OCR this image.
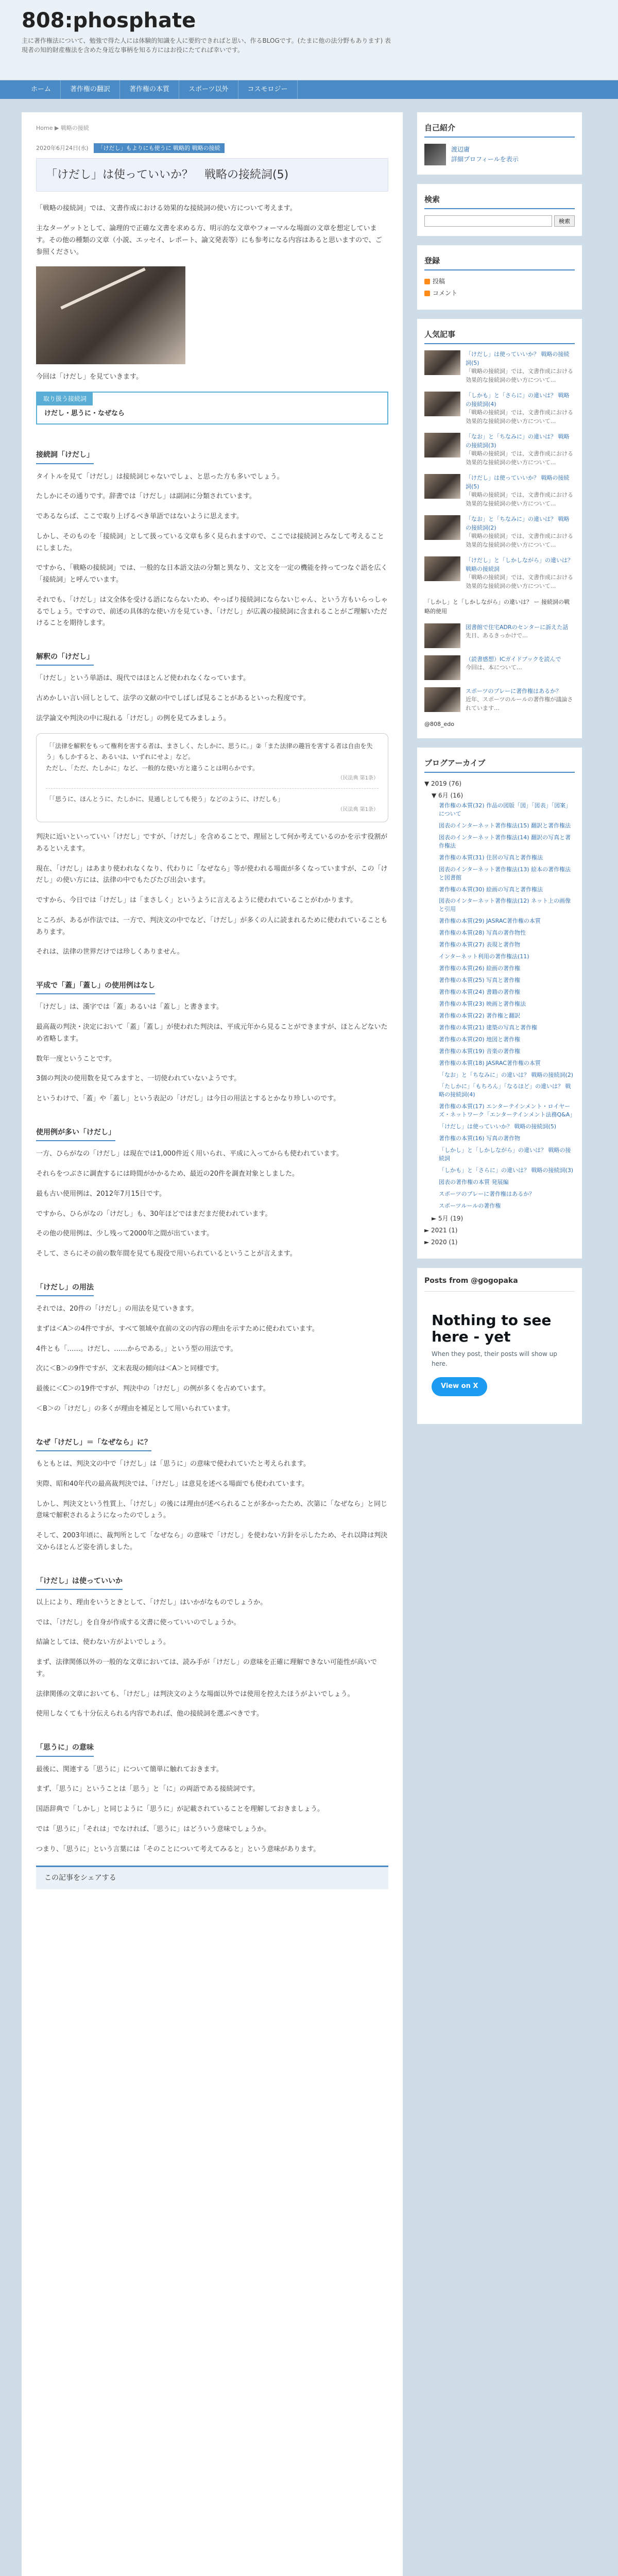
808:phosphate
主に著作権法について、勉強で得た人には体験的知識を人に要約できればと思い、作るBLOGです。(たまに他の法分野もあります) 表現者の知的財産権法を含めた身近な事柄を知る方にはお役にたてれば幸いです。
ホーム	著作権の翻訳	著作権の本質	スポーツ以外	コスモロジー
Home ▶ 戦略の接続
2020年6月24日(水)	「けだし」もよりにも使うに 戦略的 戦略の接続
「けだし」は使っていいか？　戦略の接続詞(5)

「戦略の接続詞」では、文書作成における効果的な接続詞の使い方について考えます。

主なターゲットとして、論理的で正確な文書を求める方、明示的な文章やフォーマルな場面の文章を想定しています。その他の種類の文章（小説、エッセイ、レポート、論文発表等）にも参考になる内容はあると思いますので、ご参照ください。

今回は「けだし」を見ていきます。

取り扱う接続詞
けだし・思うに・なぜなら
接続詞「けだし」

タイトルを見て「けだし」は接続詞じゃないでしょ、と思った方も多いでしょう。

たしかにその通りです。辞書では「けだし」は副詞に分類されています。

であるならば、ここで取り上げるべき単語ではないように思えます。

しかし、そのものを「接続詞」として扱っている文章も多く見られますので、ここでは接続詞とみなして考えることにしました。

ですから、「戦略の接続詞」では、一般的な日本語文法の分類と異なり、文と文を一定の機能を持ってつなぐ語を広く「接続詞」と呼んでいます。

それでも、「けだし」は文全体を受ける語にならないため、やっぱり接続詞にならないじゃん、という方もいらっしゃるでしょう。ですので、前述の具体的な使い方を見ていき、「けだし」が広義の接続詞に含まれることがご理解いただけることを期待します。

解釈の「けだし」

「けだし」という単語は、現代ではほとんど使われなくなっています。

古めかしい言い回しとして、法学の文献の中でしばしば見ることがあるといった程度です。

法学論文や判決の中に現れる「けだし」の例を見てみましょう。

「「法律を解釈をもって権利を害する者は、まさしく、たしかに、思うに。」②「また法律の趣旨を害する者は自由を失う」もしかすると、あるいは、いずれにせよ」など。
ただし、「ただ、たしかに」など、一般的な使い方と違うことは明らかです。
（民法典 第1条）
「「思うに、ほんとうに、たしかに、見通しとしても使う」などのように、けだしも」
（民法典 第1条）

判決に近いといっていい「けだし」ですが、「けだし」を含めることで、理屈として何か考えているのかを示す役割があるといえます。

現在、「けだし」はあまり使われなくなり、代わりに「なぜなら」等が使われる場面が多くなっていますが、この「けだし」の使い方には、法律の中でもたびたび出会います。

ですから、今日では「けだし」は「まさしく」というように言えるように使われていることがわかります。

ところが、あるが作法では、一方で、判決文の中でなど、「けだし」が多くの人に読まれるために使われていることもあります。

それは、法律の世界だけでは珍しくありません。

平成で「蓋」「蓋し」の使用例はなし

「けだし」は、漢字では「蓋」あるいは「蓋し」と書きます。

最高裁の判決・決定において「蓋」「蓋し」が使われた判決は、平成元年から見ることができますが、ほとんどないため省略します。

数年一度ということです。

3個の判決の使用数を見てみますと、一切使われていないようです。

というわけで、「蓋」や「蓋し」という表記の「けだし」は今日の用法とするとかなり珍しいのです。

使用例が多い「けだし」

一方、ひらがなの「けだし」は現在では1,000件近く用いられ、平成に入ってからも使われています。

それらをつぶさに調査するには時間がかかるため、最近の20件を調査対象としました。

最も古い使用例は、2012年7月15日です。

ですから、ひらがなの「けだし」も、30年ほどではまだまだ使われています。

その他の使用例は、少し残って2000年之間が出ています。

そして、さらにその前の数年間を見ても現役で用いられているということが言えます。

「けだし」の用法

それでは、20件の「けだし」の用法を見ていきます。

まずは＜A＞の4件ですが、すべて領域や直前の文の内容の理由を示すために使われています。

4件とも「……。けだし、……からである。」という型の用法です。

次に＜B＞の9件ですが、文末表現の傾向は＜A＞と同様です。

最後に＜C＞の19件ですが、判決中の「けだし」の例が多くを占めています。

＜B＞の「けだし」の多くが理由を補足として用いられています。

なぜ「けだし」＝「なぜなら」に？

もともとは、判決文の中で「けだし」は「思うに」の意味で使われていたと考えられます。

実際、昭和40年代の最高裁判決では、「けだし」は意見を述べる場面でも使われています。

しかし、判決文という性質上、「けだし」の後には理由が述べられることが多かったため、次第に「なぜなら」と同じ意味で解釈されるようになったのでしょう。

そして、2003年頃に、裁判所として「なぜなら」の意味で「けだし」を使わない方針を示したため、それ以降は判決文からほとんど姿を消しました。

「けだし」は使っていいか

以上により、理由をいうときとして、「けだし」はいかがなものでしょうか。

では、「けだし」を自身が作成する文書に使っていいのでしょうか。

結論としては、使わない方がよいでしょう。

まず、法律関係以外の一般的な文章においては、読み手が「けだし」の意味を正確に理解できない可能性が高いです。

法律関係の文章においても、「けだし」は判決文のような場面以外では使用を控えたほうがよいでしょう。

使用しなくても十分伝えられる内容であれば、他の接続詞を選ぶべきです。

「思うに」の意味

最後に、関連する「思うに」について簡単に触れておきます。

まず、「思うに」ということは「思う」と「に」の両語である接続詞です。

国語辞典で「しかし」と同じように「思うに」が記載されていることを理解しておきましょう。

では「思うに」「それは」でなければ、「思うに」はどういう意味でしょうか。

つまり、「思うに」という言葉には「そのことについて考えてみると」という意味があります。

この記事をシェアする
自己紹介
渡辺庸
詳細プロフィールを表示
検索
検索
登録
投稿
コメント
人気記事
「けだし」は使っていいか？ 戦略の接続詞(5)
「戦略の接続詞」では、文書作成における効果的な接続詞の使い方について...
「しかも」と「さらに」の違いは？ 戦略の接続詞(4)
「戦略の接続詞」では、文書作成における効果的な接続詞の使い方について...
「なお」と「ちなみに」の違いは？ 戦略の接続詞(3)
「戦略の接続詞」では、文書作成における効果的な接続詞の使い方について...
「けだし」は使っていいか？ 戦略の接続詞(5)
「戦略の接続詞」では、文書作成における効果的な接続詞の使い方について...
「なお」と「ちなみに」の違いは？ 戦略の接続詞(2)
「戦略の接続詞」では、文書作成における効果的な接続詞の使い方について...
「けだし」と「しかしながら」の違いは？ 戦略の接続詞
「戦略の接続詞」では、文書作成における効果的な接続詞の使い方について...
「しかし」と「しかしながら」の違いは？ ー 接続詞の戦略的使用
図書館で住宅ADRのセンターに訴えた話
先日、あるきっかけで…
（読書感想）ICガイドブックを読んで
今回は、本について…
スポーツのプレーに著作権はあるか？
近年、スポーツのルールの著作権が議論されています…
@808_edo
ブログアーカイブ
▼ 2019 (76)
▼ 6月 (16)
著作権の本質(32) 作品の図版「図」「図表」「図案」について
図表のインターネット著作権法(15) 翻訳と著作権法
図表のインターネット著作権法(14) 翻訳の写真と著作権法
著作権の本質(31) 住居の写真と著作権法
図表のインターネット著作権法(13) 絵本の著作権法と図書館
著作権の本質(30) 絵画の写真と著作権法
図表のインターネット著作権法(12) ネット上の画像と引用
著作権の本質(29) JASRAC著作権の本質
著作権の本質(28) 写真の著作物性
著作権の本質(27) 表現と著作物
インターネット利用の著作権法(11)
著作権の本質(26) 絵画の著作権
著作権の本質(25) 写真と著作権
著作権の本質(24) 書籍の著作権
著作権の本質(23) 映画と著作権法
著作権の本質(22) 著作権と翻訳
著作権の本質(21) 建築の写真と著作権
著作権の本質(20) 地図と著作権
著作権の本質(19) 音楽の著作権
著作権の本質(18) JASRAC著作権の本質
「なお」と「ちなみに」の違いは？ 戦略の接続詞(2)
「たしかに」「もちろん」「なるほど」の違いは？ 戦略の接続詞(4)
著作権の本質(17) エンターテインメント・ロイヤーズ・ネットワーク「エンターテインメント法務Q&A」
「けだし」は使っていいか？ 戦略の接続詞(5)
著作権の本質(16) 写真の著作物
「しかし」と「しかしながら」の違いは？ 戦略の接続詞
「しかも」と「さらに」の違いは？ 戦略の接続詞(3)
図表の著作権の本質 発展編
スポーツのプレーに著作権はあるか？
スポーツルールの著作権
► 5月 (19)
► 2021 (1)
► 2020 (1)
Posts from @gogopaka
Nothing to see here - yet
When they post, their posts will show up here.
View on X
